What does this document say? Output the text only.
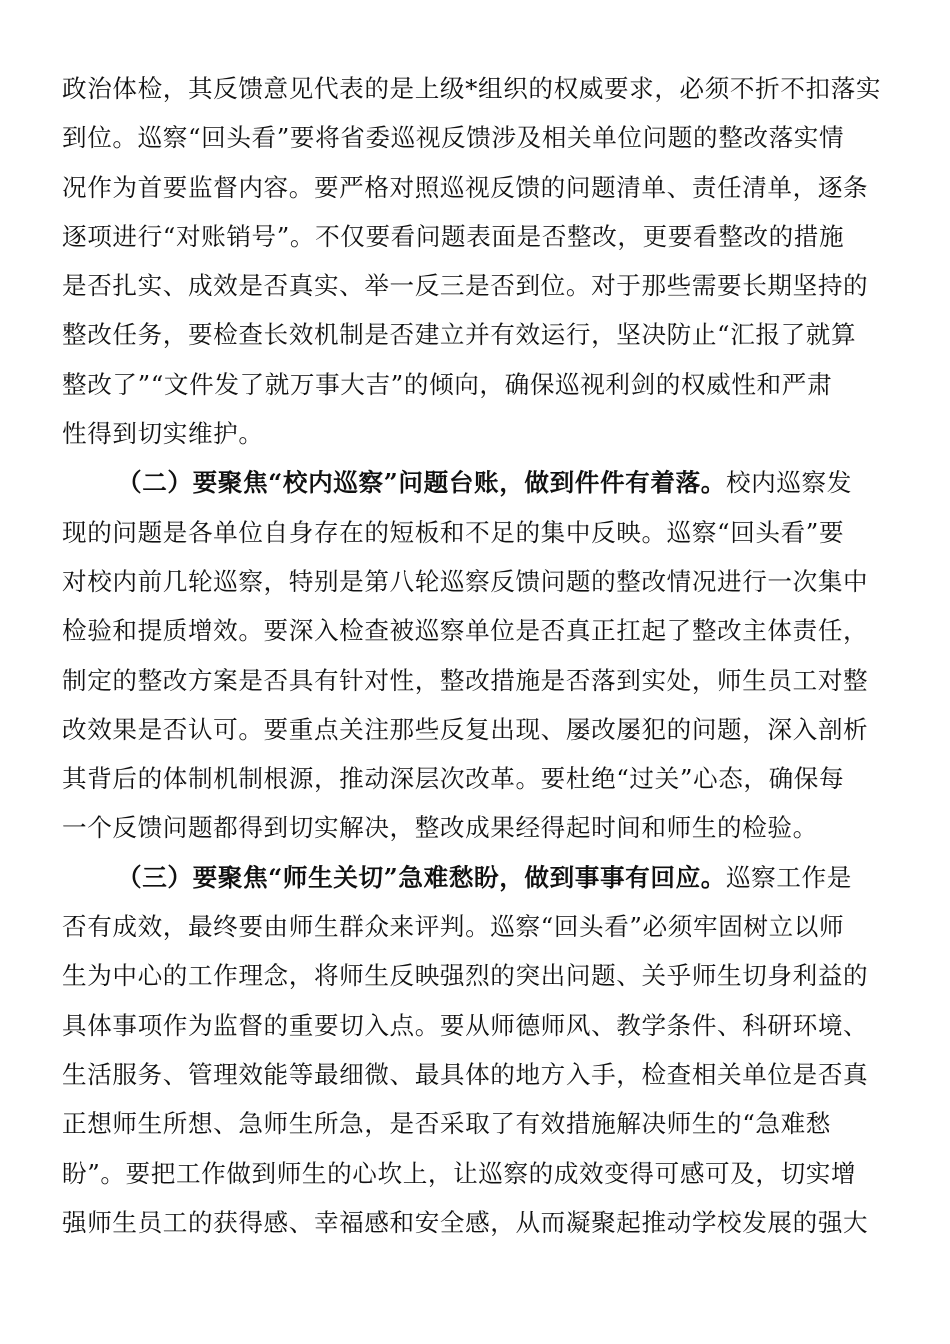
政治体检，其反馈意见代表的是上级*组织的权威要求，必须不折不扣落实
到位。巡察“回头看”要将省委巡视反馈涉及相关单位问题的整改落实情
况作为首要监督内容。要严格对照巡视反馈的问题清单、责任清单，逐条
逐项进行“对账销号”。不仅要看问题表面是否整改，更要看整改的措施
是否扎实、成效是否真实、举一反三是否到位。对于那些需要长期坚持的
整改任务，要检查长效机制是否建立并有效运行，坚决防止“汇报了就算
整改了”“文件发了就万事大吉”的倾向，确保巡视利剑的权威性和严肃
性得到切实维护。
（二）要聚焦“校内巡察”问题台账，做到件件有着落。校内巡察发
现的问题是各单位自身存在的短板和不足的集中反映。巡察“回头看”要
对校内前几轮巡察，特别是第八轮巡察反馈问题的整改情况进行一次集中
检验和提质增效。要深入检查被巡察单位是否真正扛起了整改主体责任，
制定的整改方案是否具有针对性，整改措施是否落到实处，师生员工对整
改效果是否认可。要重点关注那些反复出现、屡改屡犯的问题，深入剖析
其背后的体制机制根源，推动深层次改革。要杜绝“过关”心态，确保每
一个反馈问题都得到切实解决，整改成果经得起时间和师生的检验。
（三）要聚焦“师生关切”急难愁盼，做到事事有回应。巡察工作是
否有成效，最终要由师生群众来评判。巡察“回头看”必须牢固树立以师
生为中心的工作理念，将师生反映强烈的突出问题、关乎师生切身利益的
具体事项作为监督的重要切入点。要从师德师风、教学条件、科研环境、
生活服务、管理效能等最细微、最具体的地方入手，检查相关单位是否真
正想师生所想、急师生所急，是否采取了有效措施解决师生的“急难愁
盼”。要把工作做到师生的心坎上，让巡察的成效变得可感可及，切实增
强师生员工的获得感、幸福感和安全感，从而凝聚起推动学校发展的强大
